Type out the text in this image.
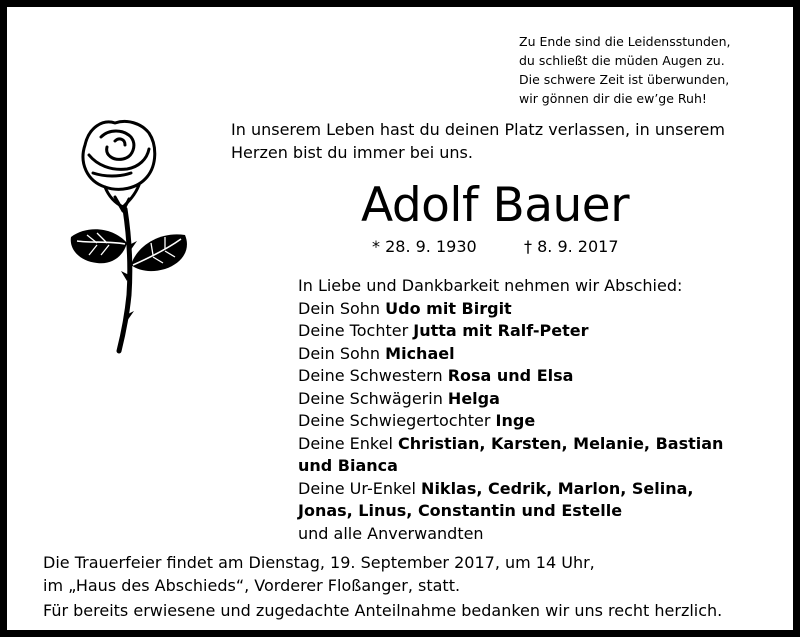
Zu Ende sind die Leidensstunden,
du schließt die müden Augen zu.
Die schwere Zeit ist überwunden,
wir gönnen dir die ew’ge Ruh!
In unserem Leben hast du deinen Platz verlassen, in unserem
Herzen bist du immer bei uns.
Adolf Bauer
* 28. 9. 1930	† 8. 9. 2017
In Liebe und Dankbarkeit nehmen wir Abschied:
Dein Sohn Udo mit Birgit
Deine Tochter Jutta mit Ralf-Peter
Dein Sohn Michael
Deine Schwestern Rosa und Elsa
Deine Schwägerin Helga
Deine Schwiegertochter Inge
Deine Enkel Christian, Karsten, Melanie, Bastian
und Bianca
Deine Ur-Enkel Niklas, Cedrik, Marlon, Selina,
Jonas, Linus, Constantin und Estelle
und alle Anverwandten
Die Trauerfeier findet am Dienstag, 19. September 2017, um 14 Uhr,
im „Haus des Abschieds“, Vorderer Floßanger, statt.
Für bereits erwiesene und zugedachte Anteilnahme bedanken wir uns recht herzlich.
